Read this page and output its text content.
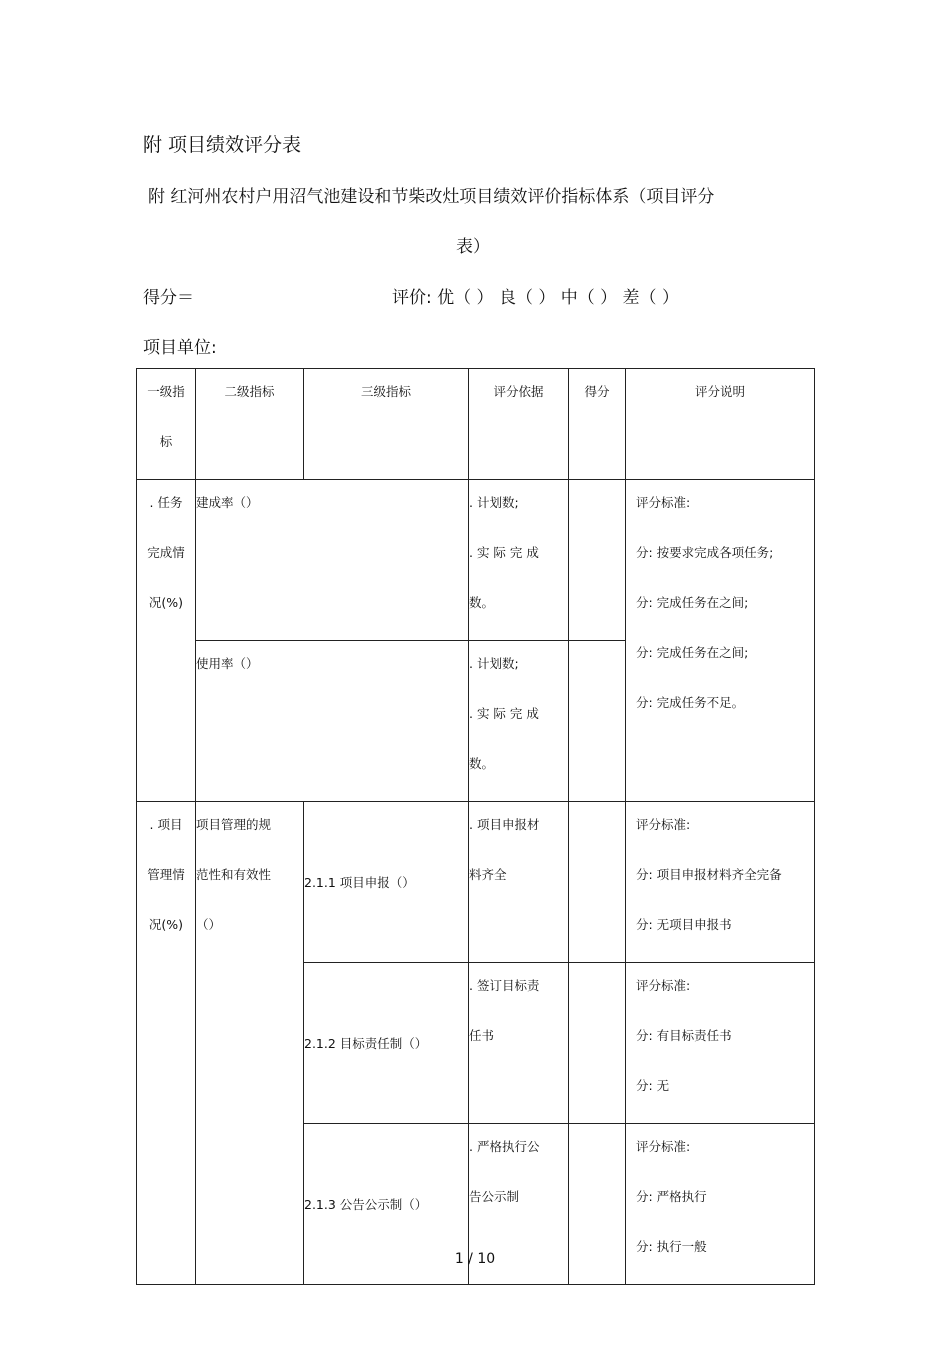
附 项目绩效评分表
附 红河州农村户用沼气池建设和节柴改灶项目绩效评价指标体系（项目评分
表）
得分＝	评价: 优（ ） 良（ ） 中（ ） 差（ ）
项目单位:
一级指
标	二级指标	三级指标	评分依据	得分	评分说明

. 任务
完成情
况(%)	建成率（）		. 计划数;
. 实 际 完 成
数。		评分标准:
分: 按要求完成各项任务;
分: 完成任务在之间;
分: 完成任务在之间;
分: 完成任务不足。

	使用率（）		. 计划数;
. 实 际 完 成
数。		

. 项目
管理情
况(%)	项目管理的规
范性和有效性
（）	2.1.1 项目申报（）	. 项目申报材
料齐全		评分标准:
分: 项目申报材料齐全完备
分: 无项目申报书

		2.1.2 目标责任制（）	. 签订目标责
任书		评分标准:
分: 有目标责任书
分: 无

		2.1.3 公告公示制（）	. 严格执行公
告公示制		评分标准:
分: 严格执行
分: 执行一般
1 / 10
